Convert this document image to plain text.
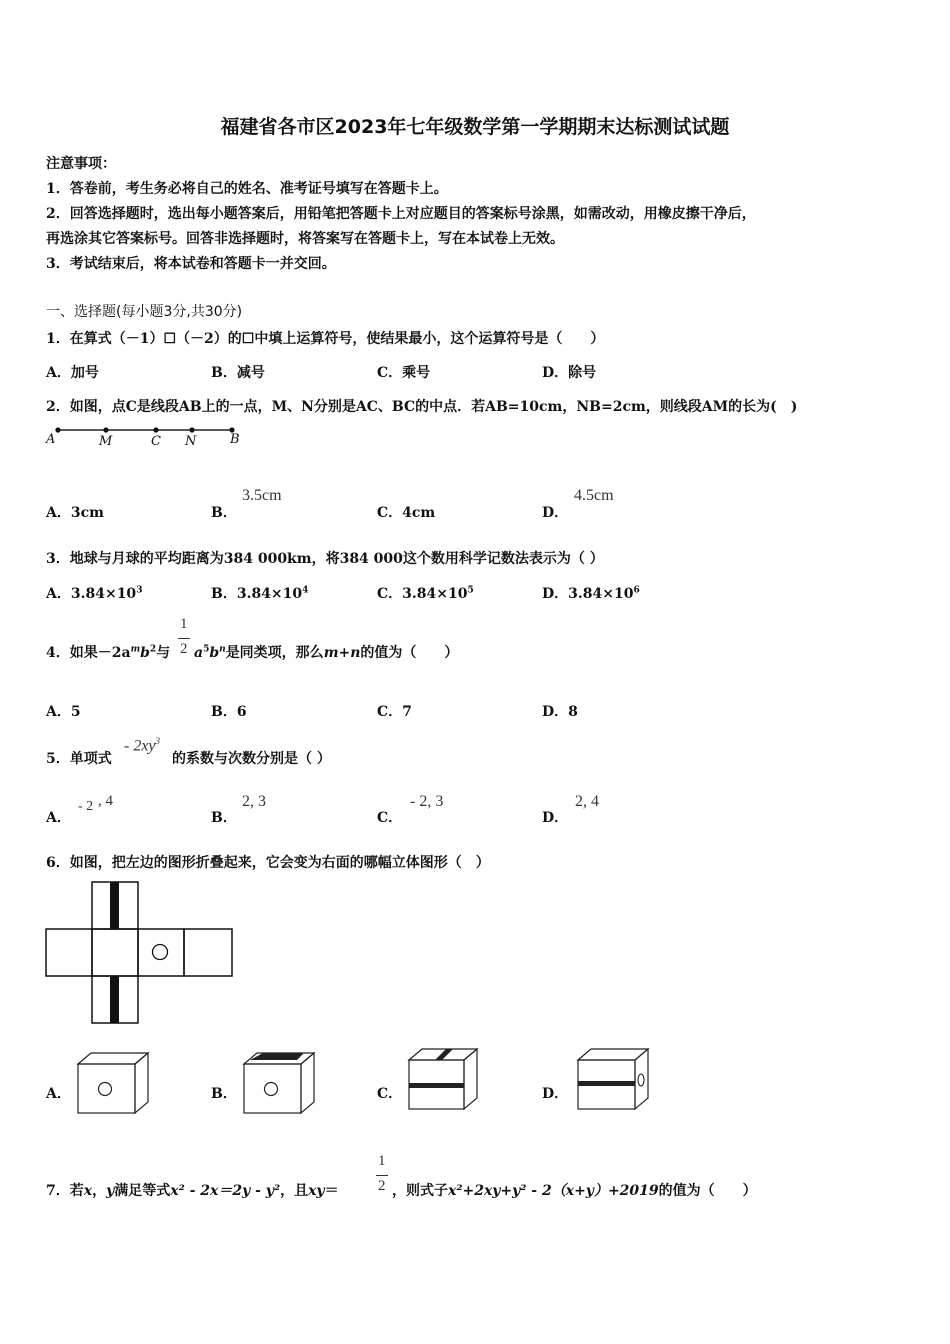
福建省各市区2023年七年级数学第一学期期末达标测试试题
注意事项：
1．答卷前，考生务必将自己的姓名、准考证号填写在答题卡上。
2．回答选择题时，选出每小题答案后，用铅笔把答题卡上对应题目的答案标号涂黑，如需改动，用橡皮擦干净后，
再选涂其它答案标号。回答非选择题时，将答案写在答题卡上，写在本试卷上无效。
3．考试结束后，将本试卷和答题卡一并交回。
一、选择题(每小题3分,共30分)
1．在算式（－1）☐（－2）的☐中填上运算符号，使结果最小，这个运算符号是（　　）
A．加号	B．减号	C．乘号	D．除号
2．如图，点C是线段AB上的一点，M、N分别是AC、BC的中点．若AB=10cm，NB=2cm，则线段AM的长为(　)
A	M	C N	B
A．3cm	B．
3.5cm
C．4cm	D．
4.5cm
3．地球与月球的平均距离为384 000km，将384 000这个数用科学记数法表示为（ ）
A．$3.84\times 10^3$	B．$3.84\times 10^4$	C．$3.84\times 10^5$	D．$3.84\times 10^6$
4．如果$-2a^mb^2$与
1
2 $a^5b^n$是同类项，那么m+n的值为（　　）
A．5	B．6	C．7	D．8
5．单项式
- $2xy^3$
的系数与次数分别是（ ）
A．
- 2 , 4
B．
2, 3
C．
- 2, 3
D．
2, 4
6．如图，把左边的图形折叠起来，它会变为右面的哪幅立体图形（　）
A．	B．	C．	D．
7．若x，y满足等式x² - 2x＝2y - y²，且xy＝
1
2 ，则式子x²+2xy+y² - 2（x+y）+2019的值为（　　）
